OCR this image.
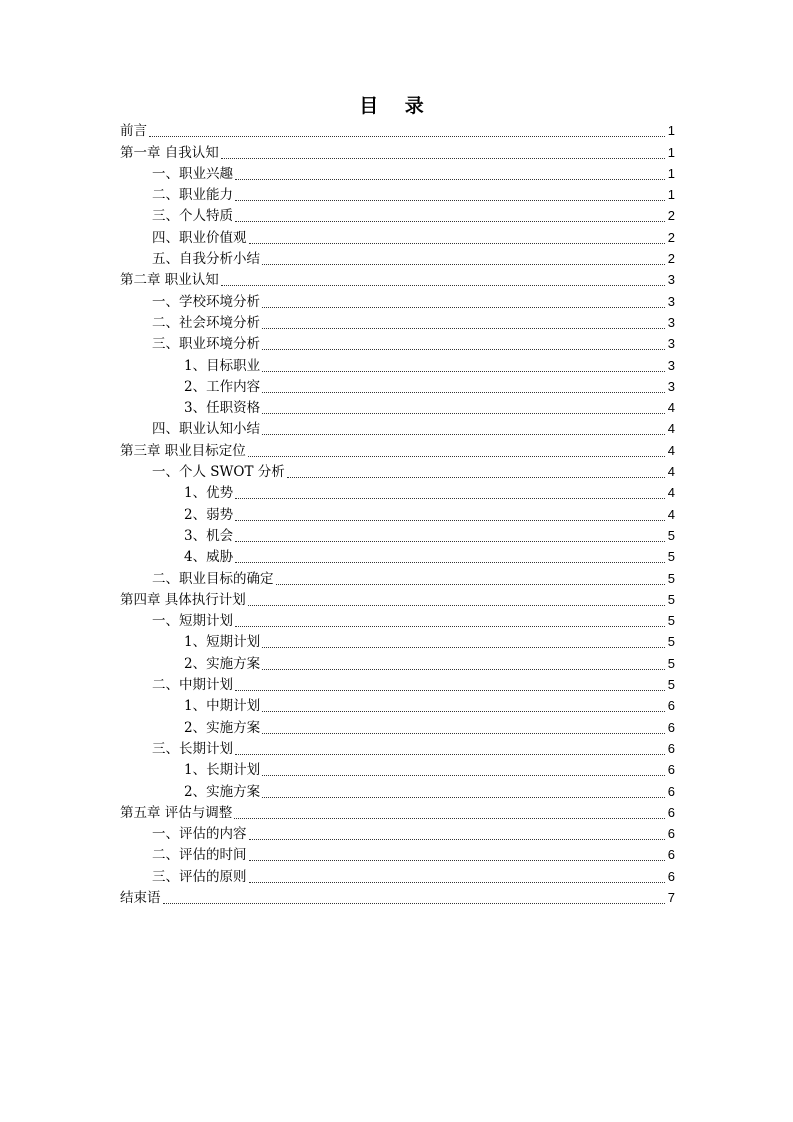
目 录
前言	1
第一章 自我认知	1
一、职业兴趣	1
二、职业能力	1
三、个人特质	2
四、职业价值观	2
五、自我分析小结	2
第二章 职业认知	3
一、学校环境分析	3
二、社会环境分析	3
三、职业环境分析	3
1、目标职业	3
2、工作内容	3
3、任职资格	4
四、职业认知小结	4
第三章 职业目标定位	4
一、个人 SWOT 分析	4
1、优势	4
2、弱势	4
3、机会	5
4、威胁	5
二、职业目标的确定	5
第四章 具体执行计划	5
一、短期计划	5
1、短期计划	5
2、实施方案	5
二、中期计划	5
1、中期计划	6
2、实施方案	6
三、长期计划	6
1、长期计划	6
2、实施方案	6
第五章 评估与调整	6
一、评估的内容	6
二、评估的时间	6
三、评估的原则	6
结束语	7
